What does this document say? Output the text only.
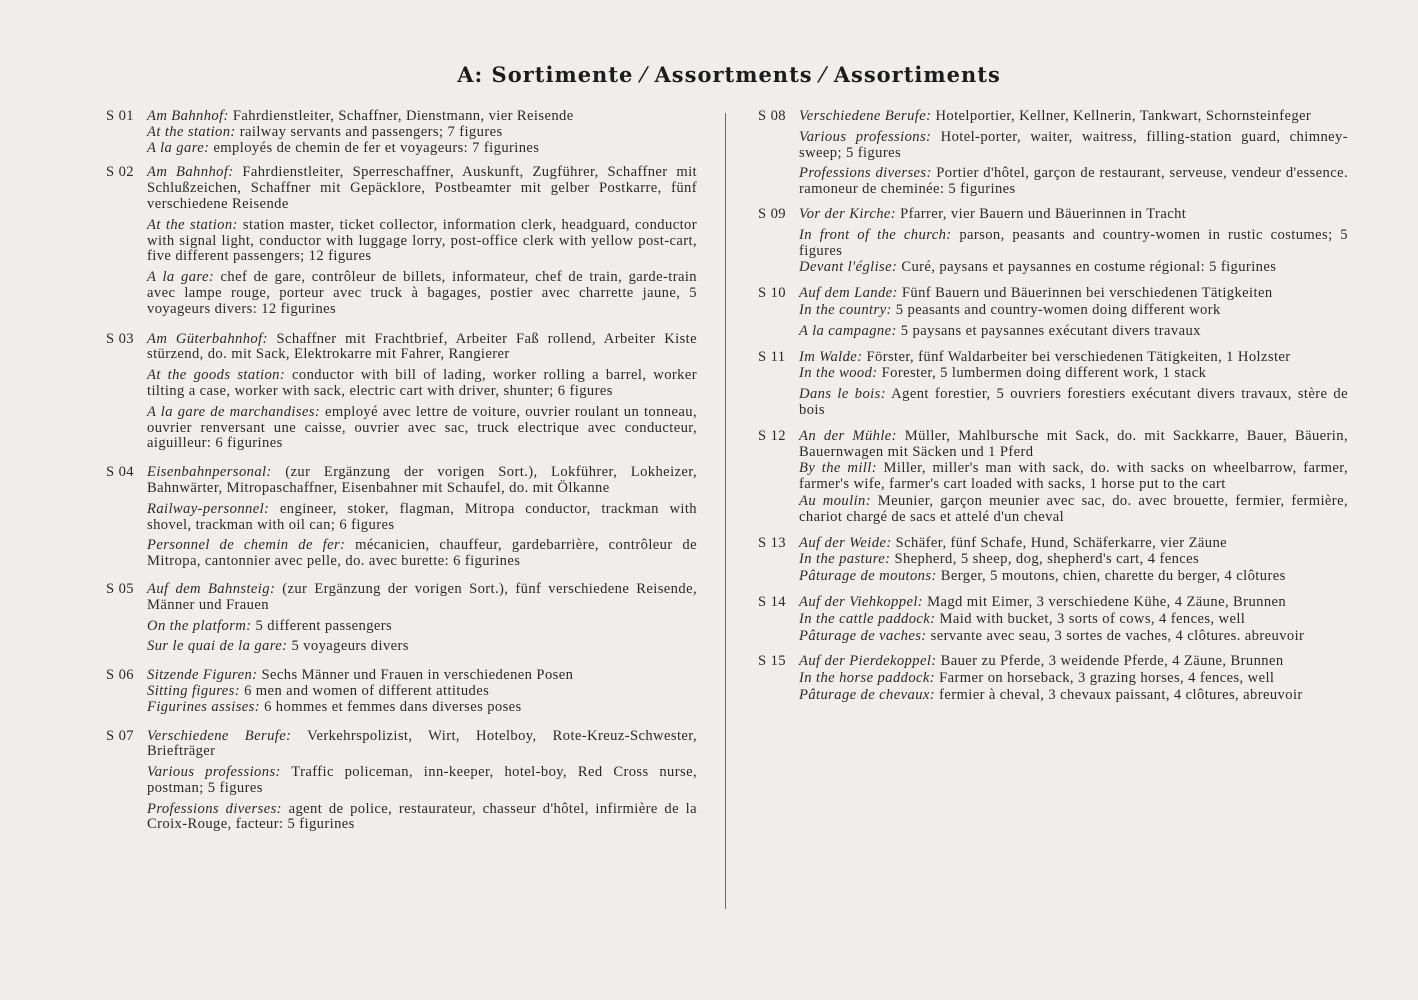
A: Sortimente ⁄ Assortments ⁄ Assortiments
S 01 Am Bahnhof: Fahrdienstleiter, Schaffner, Dienstmann, vier Reisende
At the station: railway servants and passengers; 7 figures
A la gare: employés de chemin de fer et voyageurs: 7 figurines
S 02 Am Bahnhof: Fahrdienstleiter, Sperreschaffner, Auskunft, Zugführer, Schaffner mit Schlußzeichen, Schaffner mit Gepäcklore, Postbeamter mit gelber Postkarre, fünf verschiedene Reisende
At the station: station master, ticket collector, information clerk, headguard, conductor with signal light, conductor with luggage lorry, post-office clerk with yellow post-cart, five different passengers; 12 figures
A la gare: chef de gare, contrôleur de billets, informateur, chef de train, garde-train avec lampe rouge, porteur avec truck à bagages, postier avec charrette jaune, 5 voyageurs divers: 12 figurines
S 03 Am Güterbahnhof: Schaffner mit Frachtbrief, Arbeiter Faß rollend, Arbeiter Kiste stürzend, do. mit Sack, Elektrokarre mit Fahrer, Rangierer
At the goods station: conductor with bill of lading, worker rolling a barrel, worker tilting a case, worker with sack, electric cart with driver, shunter; 6 figures
A la gare de marchandises: employé avec lettre de voiture, ouvrier roulant un tonneau, ouvrier renversant une caisse, ouvrier avec sac, truck electrique avec conducteur, aiguilleur: 6 figurines
S 04 Eisenbahnpersonal: (zur Ergänzung der vorigen Sort.), Lokführer, Lokheizer, Bahnwärter, Mitropaschaffner, Eisenbahner mit Schaufel, do. mit Ölkanne
Railway-personnel: engineer, stoker, flagman, Mitropa conductor, trackman with shovel, trackman with oil can; 6 figures
Personnel de chemin de fer: mécanicien, chauffeur, gardebarrière, contrôleur de Mitropa, cantonnier avec pelle, do. avec burette: 6 figurines
S 05 Auf dem Bahnsteig: (zur Ergänzung der vorigen Sort.), fünf verschiedene Reisende, Männer und Frauen
On the platform: 5 different passengers
Sur le quai de la gare: 5 voyageurs divers
S 06 Sitzende Figuren: Sechs Männer und Frauen in verschiedenen Posen
Sitting figures: 6 men and women of different attitudes
Figurines assises: 6 hommes et femmes dans diverses poses
S 07 Verschiedene Berufe: Verkehrspolizist, Wirt, Hotelboy, Rote-Kreuz-Schwester, Briefträger
Various professions: Traffic policeman, inn-keeper, hotel-boy, Red Cross nurse, postman; 5 figures
Professions diverses: agent de police, restaurateur, chasseur d'hôtel, infirmière de la Croix-Rouge, facteur: 5 figurines
S 08 Verschiedene Berufe: Hotelportier, Kellner, Kellnerin, Tankwart, Schornsteinfeger
Various professions: Hotel-porter, waiter, waitress, filling-station guard, chimney-sweep; 5 figures
Professions diverses: Portier d'hôtel, garçon de restaurant, serveuse, vendeur d'essence. ramoneur de cheminée: 5 figurines
S 09 Vor der Kirche: Pfarrer, vier Bauern und Bäuerinnen in Tracht
In front of the church: parson, peasants and country-women in rustic costumes; 5 figures
Devant l'église: Curé, paysans et paysannes en costume régional: 5 figurines
S 10 Auf dem Lande: Fünf Bauern und Bäuerinnen bei verschiedenen Tätigkeiten
In the country: 5 peasants and country-women doing different work
A la campagne: 5 paysans et paysannes exécutant divers travaux
S 11 Im Walde: Förster, fünf Waldarbeiter bei verschiedenen Tätigkeiten, 1 Holzster
In the wood: Forester, 5 lumbermen doing different work, 1 stack
Dans le bois: Agent forestier, 5 ouvriers forestiers exécutant divers travaux, stère de bois
S 12 An der Mühle: Müller, Mahlbursche mit Sack, do. mit Sackkarre, Bauer, Bäuerin, Bauernwagen mit Säcken und 1 Pferd
By the mill: Miller, miller's man with sack, do. with sacks on wheelbarrow, farmer, farmer's wife, farmer's cart loaded with sacks, 1 horse put to the cart
Au moulin: Meunier, garçon meunier avec sac, do. avec brouette, fermier, fermière, chariot chargé de sacs et attelé d'un cheval
S 13 Auf der Weide: Schäfer, fünf Schafe, Hund, Schäferkarre, vier Zäune
In the pasture: Shepherd, 5 sheep, dog, shepherd's cart, 4 fences
Pâturage de moutons: Berger, 5 moutons, chien, charette du berger, 4 clôtures
S 14 Auf der Viehkoppel: Magd mit Eimer, 3 verschiedene Kühe, 4 Zäune, Brunnen
In the cattle paddock: Maid with bucket, 3 sorts of cows, 4 fences, well
Pâturage de vaches: servante avec seau, 3 sortes de vaches, 4 clôtures. abreuvoir
S 15 Auf der Pierdekoppel: Bauer zu Pferde, 3 weidende Pferde, 4 Zäune, Brunnen
In the horse paddock: Farmer on horseback, 3 grazing horses, 4 fences, well
Pâturage de chevaux: fermier à cheval, 3 chevaux paissant, 4 clôtures, abreuvoir
